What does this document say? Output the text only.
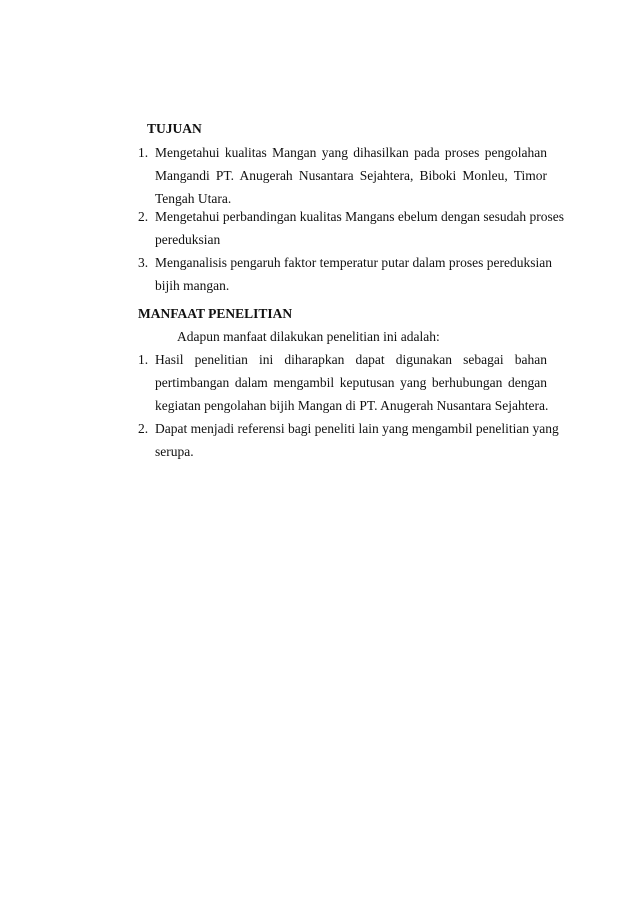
TUJUAN
1. Mengetahui kualitas Mangan yang dihasilkan pada proses pengolahan
Mangandi PT. Anugerah Nusantara Sejahtera, Biboki Monleu, Timor
Tengah Utara.
2. Mengetahui perbandingan kualitas Mangans ebelum dengan sesudah proses
pereduksian
3. Menganalisis pengaruh faktor temperatur putar dalam proses pereduksian
bijih mangan.
MANFAAT PENELITIAN
Adapun manfaat dilakukan penelitian ini adalah:
1. Hasil penelitian ini diharapkan dapat digunakan sebagai bahan
pertimbangan dalam mengambil keputusan yang berhubungan dengan
kegiatan pengolahan bijih Mangan di PT. Anugerah Nusantara Sejahtera.
2. Dapat menjadi referensi bagi peneliti lain yang mengambil penelitian yang
serupa.
